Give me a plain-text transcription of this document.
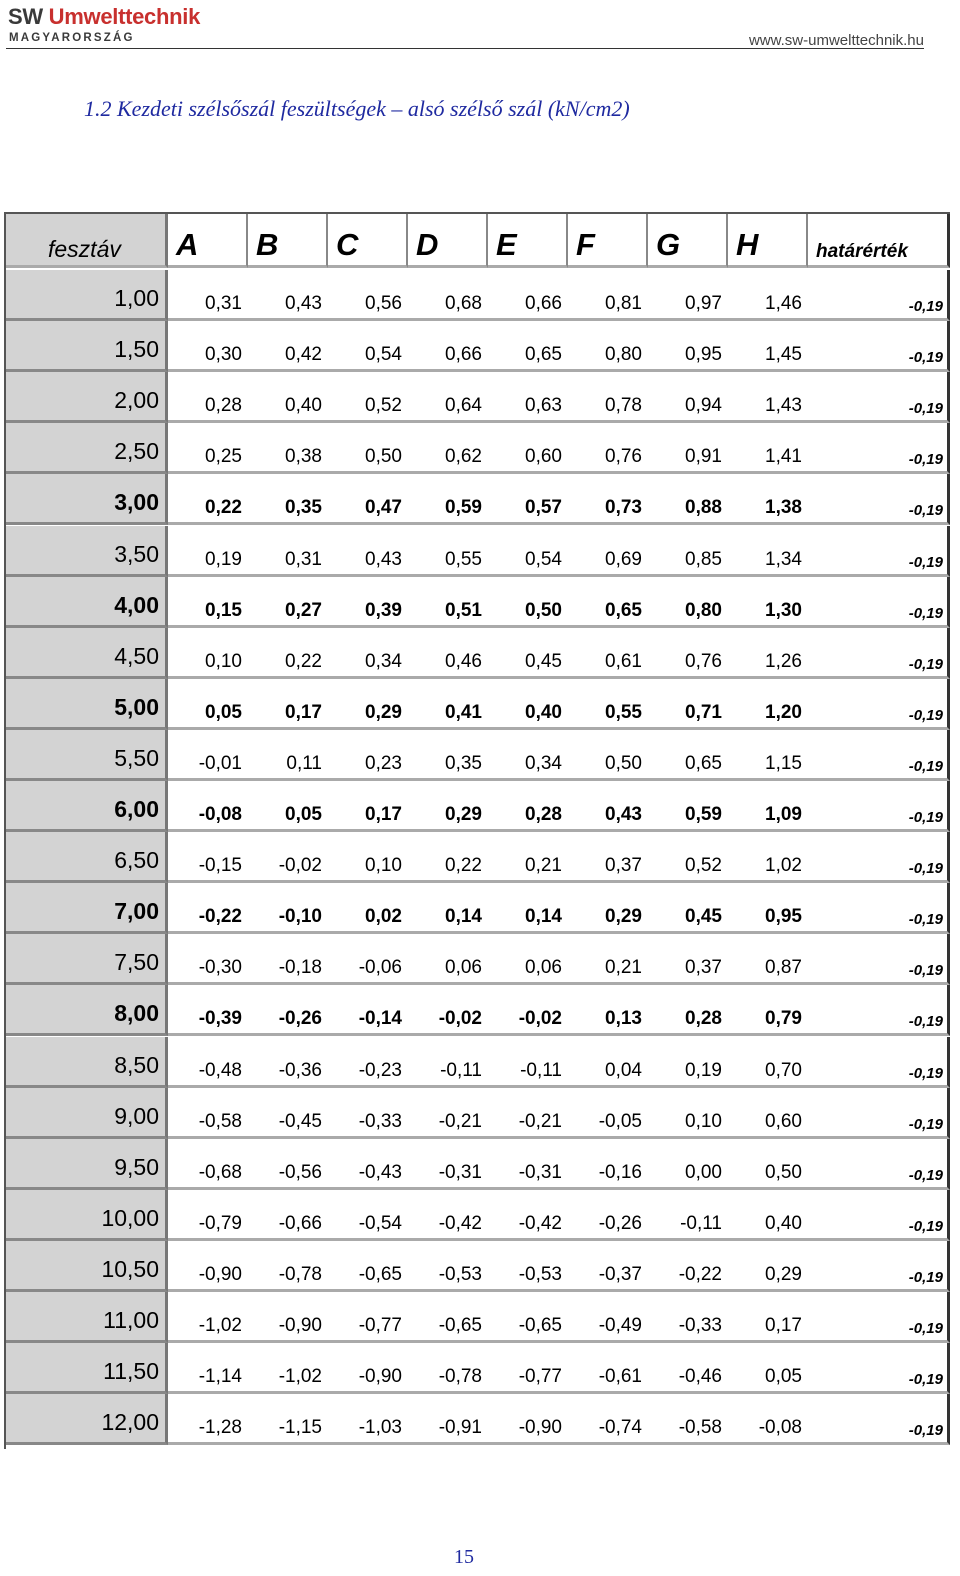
SW Umwelttechnik
MAGYARORSZÁG	www.sw-umwelttechnik.hu
1.2 Kezdeti szélsőszál feszültségek – alsó szélső szál (kN/cm2)
fesztáv A B C D E F G H	határérték
1,00 0,31 0,43 0,56 0,68 0,66 0,81 0,97 1,46	-0,19
1,50 0,30 0,42 0,54 0,66 0,65 0,80 0,95 1,45	-0,19
2,00 0,28 0,40 0,52 0,64 0,63 0,78 0,94 1,43	-0,19
2,50 0,25 0,38 0,50 0,62 0,60 0,76 0,91 1,41	-0,19
3,00 0,22 0,35 0,47 0,59 0,57 0,73 0,88 1,38	-0,19
3,50 0,19 0,31 0,43 0,55 0,54 0,69 0,85 1,34	-0,19
4,00 0,15 0,27 0,39 0,51 0,50 0,65 0,80 1,30	-0,19
4,50 0,10 0,22 0,34 0,46 0,45 0,61 0,76 1,26	-0,19
5,00 0,05 0,17 0,29 0,41 0,40 0,55 0,71 1,20	-0,19
5,50 -0,01 0,11 0,23 0,35 0,34 0,50 0,65 1,15	-0,19
6,00 -0,08 0,05 0,17 0,29 0,28 0,43 0,59 1,09	-0,19
6,50 -0,15 -0,02 0,10 0,22 0,21 0,37 0,52 1,02	-0,19
7,00 -0,22 -0,10 0,02 0,14 0,14 0,29 0,45 0,95	-0,19
7,50 -0,30 -0,18 -0,06 0,06 0,06 0,21 0,37 0,87	-0,19
8,00 -0,39 -0,26 -0,14 -0,02 -0,02 0,13 0,28 0,79	-0,19
8,50 -0,48 -0,36 -0,23 -0,11 -0,11 0,04 0,19 0,70	-0,19
9,00 -0,58 -0,45 -0,33 -0,21 -0,21 -0,05 0,10 0,60	-0,19
9,50 -0,68 -0,56 -0,43 -0,31 -0,31 -0,16 0,00 0,50	-0,19
10,00 -0,79 -0,66 -0,54 -0,42 -0,42 -0,26 -0,11 0,40	-0,19
10,50 -0,90 -0,78 -0,65 -0,53 -0,53 -0,37 -0,22 0,29	-0,19
11,00 -1,02 -0,90 -0,77 -0,65 -0,65 -0,49 -0,33 0,17	-0,19
11,50 -1,14 -1,02 -0,90 -0,78 -0,77 -0,61 -0,46 0,05	-0,19
12,00 -1,28 -1,15 -1,03 -0,91 -0,90 -0,74 -0,58 -0,08	-0,19
15
